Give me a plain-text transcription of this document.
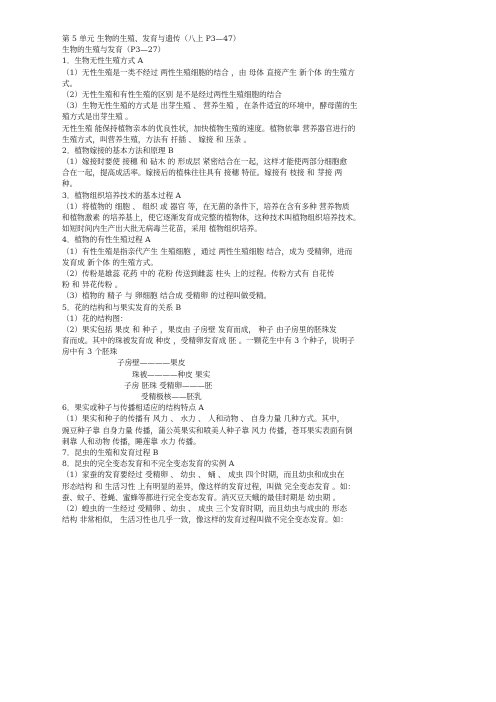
第 5 单元 生物的生殖、发育与遗传（八上 P3—47）
生物的生殖与发育（P3—27）
1．生物无性生殖方式 A
（1）无性生殖是一类不经过 两性生殖细胞的结合 ，由 母体 直接产生 新个体 的生殖方
式。
（2）无性生殖和有性生殖的区别 是不是经过两性生殖细胞的结合
（3）生物无性生殖的方式是 出芽生殖 、 营养生殖 ，在条件适宜的环境中，酵母菌的生
殖方式是出芽生殖 。
无性生殖 能保持植物亲本的优良性状，加快植物生殖的速度。植物依靠 营养器官进行的
生殖方式，叫营养生殖，方法有 扦插 、 嫁接 和 压条 。
2．植物嫁接的基本方法和原理 B
（1）嫁接时要使 接穗 和 砧木 的 形成层 紧密结合在一起，这样才能使两部分细胞愈
合在一起，提高成活率。嫁接后的植株往往具有 接穗 特征。嫁接有 枝接 和 芽接 两
种。
3．植物组织培养技术的基本过程 A
（1）将植物的 细胞 、 组织 或 器官 等，在无菌的条件下，培养在含有多种 营养物质
和植物激素 的培养基上，使它逐渐发育成完整的植物体，这种技术叫植物组织培养技术。
如短时间内生产出大批无病毒兰花苗，采用 植物组织培养。
4．植物的有性生殖过程 A
（1）有性生殖是指亲代产生 生殖细胞 ，通过 两性生殖细胞 结合，成为 受精卵，进而
发育成 新个体 的生殖方式。
（2）传粉是雄蕊 花药 中的 花粉 传送到雌蕊 柱头 上的过程。传粉方式有 自花传
粉 和 异花传粉 。
（3）植物的 精子 与 卵细胞 结合成 受精卵 的过程叫做受精。
5．花的结构和与果实发育的关系 B
（1）花的结构图：
（2）果实包括 果皮 和 种子 ，果皮由 子房壁 发育而成， 种子 由子房里的胚珠发
育而成。其中的珠被发育成 种皮 ，受精卵发育成 胚 。一颗花生中有 3 个种子，说明子
房中有 3 个胚珠
子房壁————果皮
珠被————种皮 果实
子房 胚珠 受精卵———胚
受精极核——胚乳
6．果实或种子与传播相适应的结构特点 A
（1）果实和种子的传播有 风力 、 水力 、 人和动物 、 自身力量 几种方式。其中，
豌豆种子靠 自身力量 传播，蒲公英果实和喷美人种子靠 风力 传播，苍耳果实表面有倒
刺靠 人和动物 传播，睡莲靠 水力 传播。
7．昆虫的生殖和发育过程 B
8．昆虫的完全变态发育和不完全变态发育的实例 A
（1）家蚕的发育要经过 受精卵 、 幼虫 、 蛹 、 成虫 四个时期，而且幼虫和成虫在
形态结构 和 生活习性 上有明显的差异，像这样的发育过程，叫做 完全变态发育 。如：
蚕、蚊子、苍蝇、蜜蜂等都进行完全变态发育。消灭豆天蛾的最佳时期是 幼虫期 。
（2）蝗虫的一生经过 受精卵 、幼虫 、 成虫 三个发育时期，而且幼虫与成虫的 形态
结构 非常相似， 生活习性也几乎一致，像这样的发育过程叫做不完全变态发育。如：
